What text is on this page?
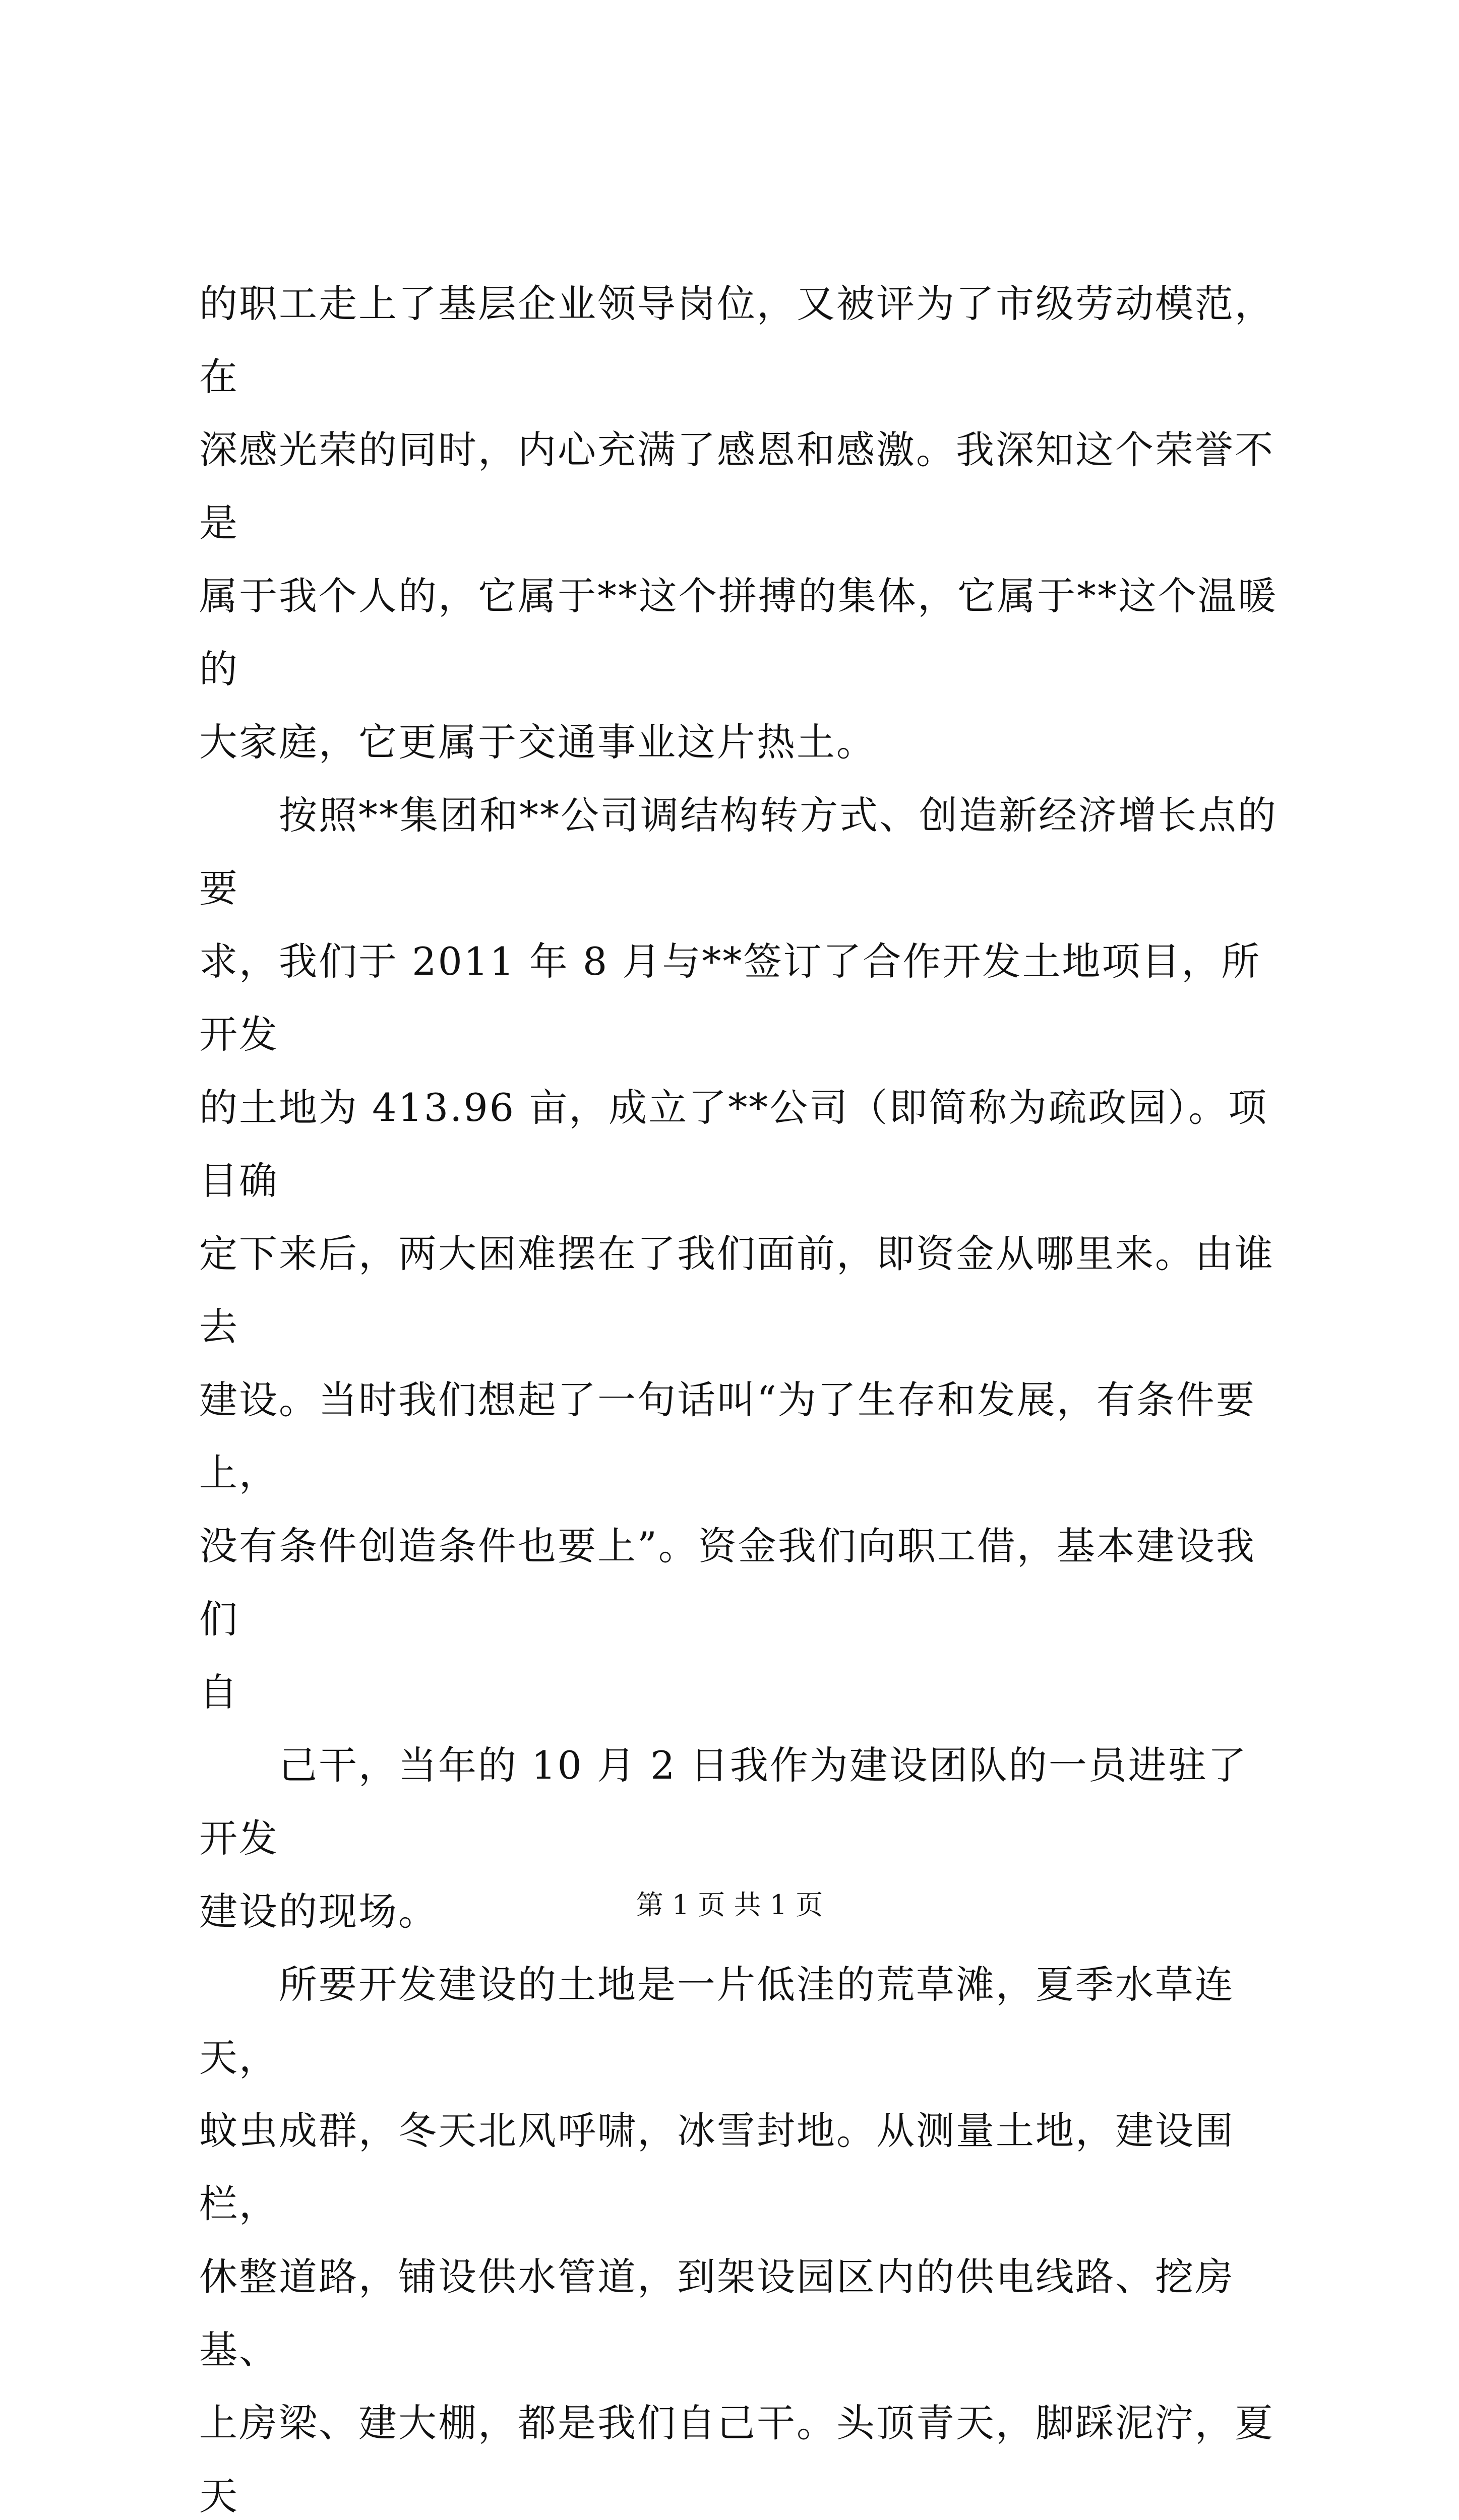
的职工走上了基层企业领导岗位，又被评为了市级劳动模范，在
深感光荣的同时，内心充满了感恩和感激。我深知这个荣誉不是
属于我个人的，它属于**这个拼搏的集体，它属于**这个温暖的
大家庭，它更属于交通事业这片热土。

　　按照**集团和**公司调结构转方式、创造新经济增长点的要
求，我们于 2011 年 8 月与**签订了合作开发土地项目，所开发
的土地为 413.96 亩，成立了**公司（即简称为疏政园）。项目确
定下来后，两大困难摆在了我们面前，即资金从哪里来。由谁去
建设。当时我们想起了一句话叫“为了生存和发展，有条件要上，
没有条件创造条件也要上”。资金我们向职工借，基本建设我们
自

　　己干，当年的 10 月 2 日我作为建设团队的一员进驻了开发
建设的现场。

　　所要开发建设的土地是一片低洼的荒草滩，夏季水草连天，
蚊虫成群，冬天北风呼啸，冰雪封地。从测量土地，建设围栏，
休整道路，铺设供水管道，到架设园区内的供电线路、挖房基、
上房梁、建大棚，都是我们自己干。头顶青天，脚踩泥泞，夏天

第 1 页 共 1 页
